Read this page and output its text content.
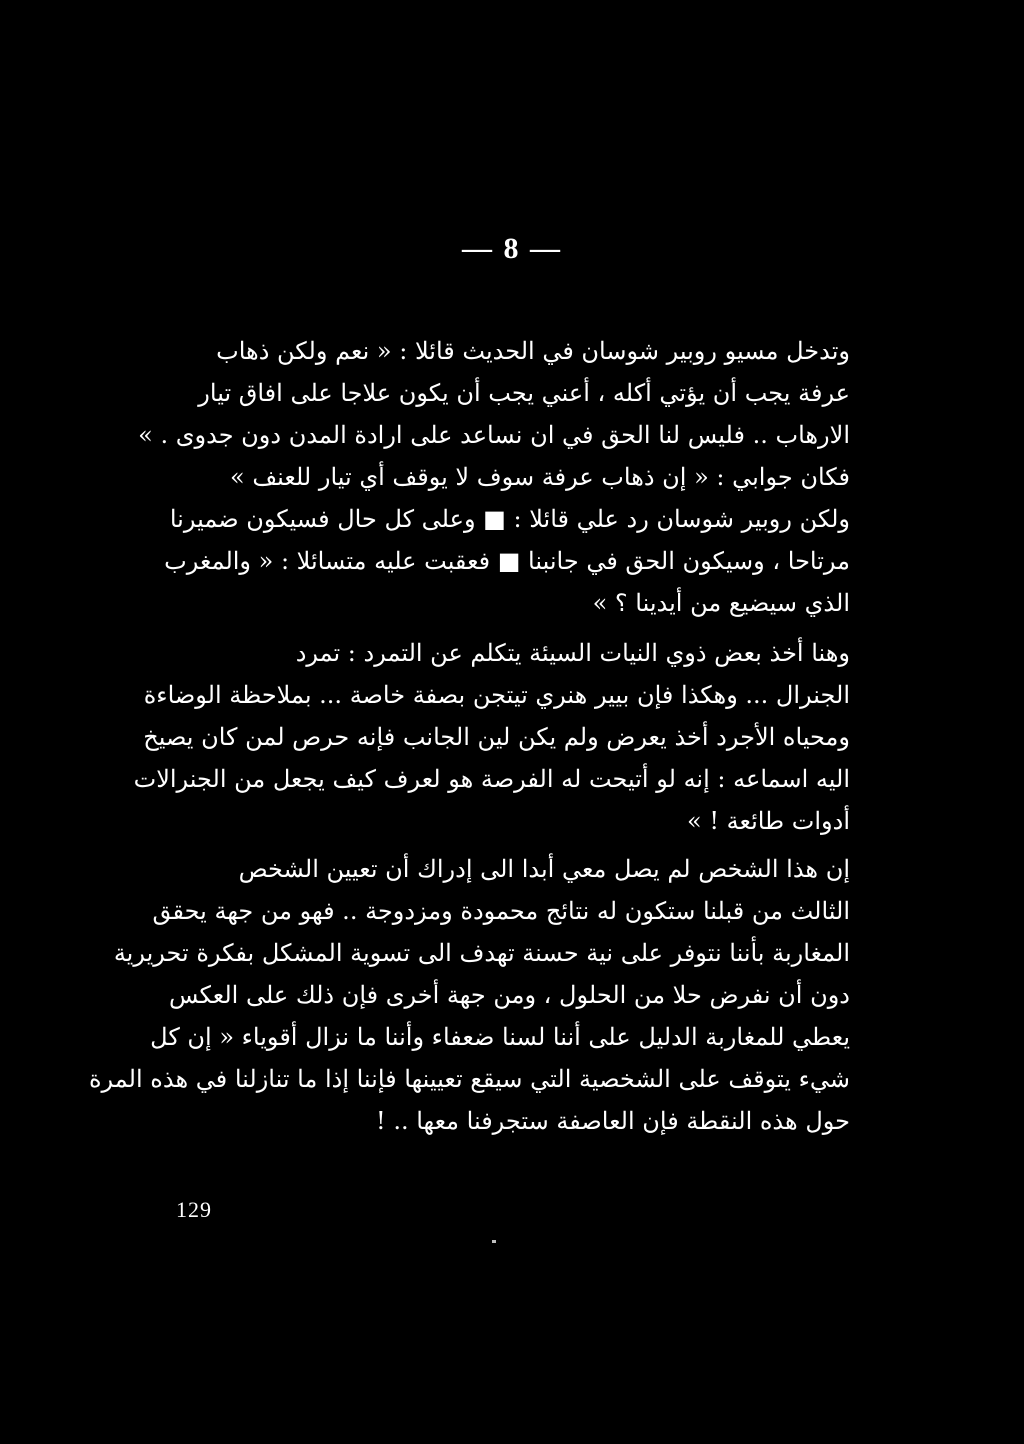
— 8 —
وتدخل مسيو روبير شوسان في الحديث قائلا : « نعم ولكن ذهاب
عرفة يجب أن يؤتي أكله ، أعني يجب أن يكون علاجا على افاق تيار
الارهاب .. فليس لنا الحق في ان نساعد على ارادة المدن دون جدوى . »
فكان جوابي : « إن ذهاب عرفة سوف لا يوقف أي تيار للعنف »
ولكن روبير شوسان رد علي قائلا : ■ وعلى كل حال فسيكون ضميرنا
مرتاحا ، وسيكون الحق في جانبنا ■ فعقبت عليه متسائلا : « والمغرب
الذي سيضيع من أيدينا ؟ »
وهنا أخذ بعض ذوي النيات السيئة يتكلم عن التمرد : تمرد
الجنرال ... وهكذا فإن بيير هنري تيتجن بصفة خاصة ... بملاحظة الوضاءة
ومحياه الأجرد أخذ يعرض ولم يكن لين الجانب فإنه حرص لمن كان يصيخ
اليه اسماعه : إنه لو أتيحت له الفرصة هو لعرف كيف يجعل من الجنرالات
أدوات طائعة ! »
إن هذا الشخص لم يصل معي أبدا الى إدراك أن تعيين الشخص
الثالث من قبلنا ستكون له نتائج محمودة ومزدوجة .. فهو من جهة يحقق
المغاربة بأننا نتوفر على نية حسنة تهدف الى تسوية المشكل بفكرة تحريرية
دون أن نفرض حلا من الحلول ، ومن جهة أخرى فإن ذلك على العكس
يعطي للمغاربة الدليل على أننا لسنا ضعفاء وأننا ما نزال أقوياء « إن كل
شيء يتوقف على الشخصية التي سيقع تعيينها فإننا إذا ما تنازلنا في هذه المرة
حول هذه النقطة فإن العاصفة ستجرفنا معها .. !
129
